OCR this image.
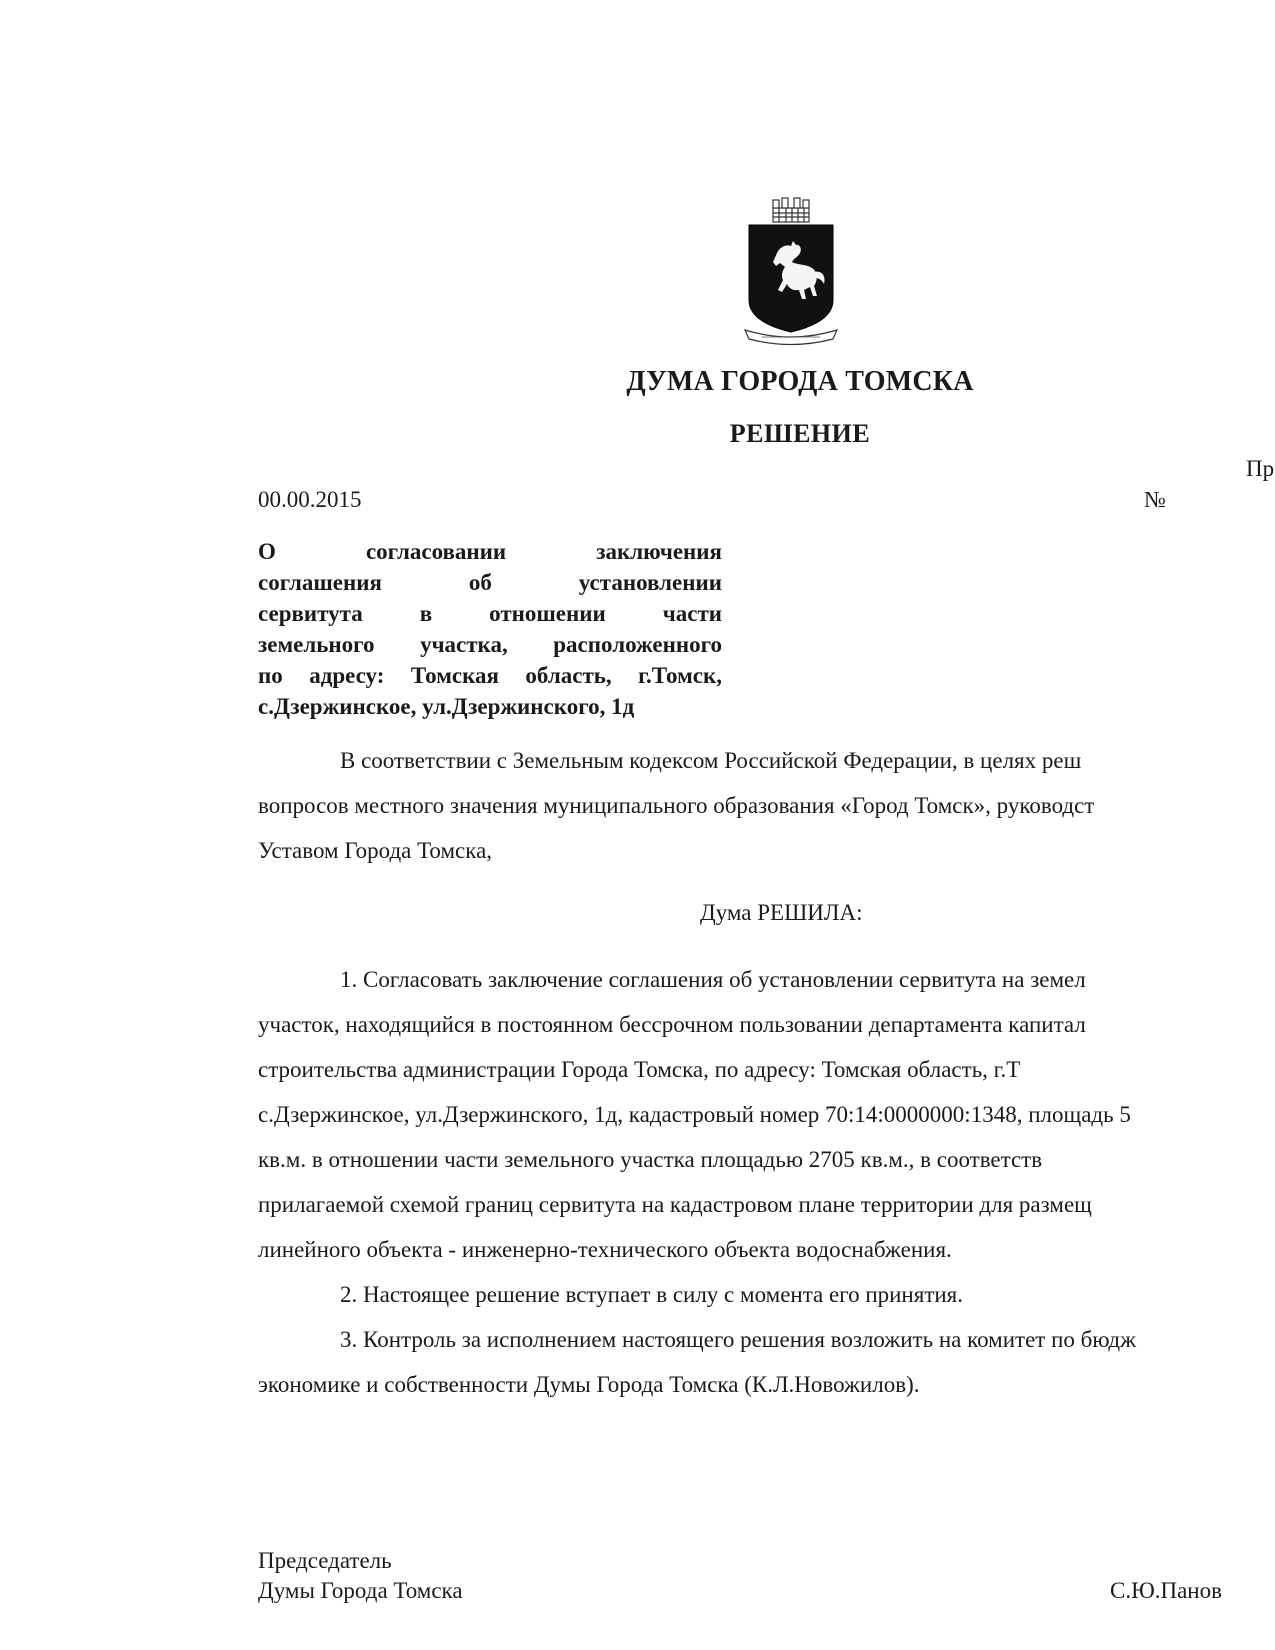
ДУМА ГОРОДА ТОМСКА
РЕШЕНИЕ
Пр
00.00.2015	№
О согласовании заключения
соглашения об установлении
сервитута в отношении части
земельного участка, расположенного
по адресу: Томская область, г.Томск,
с.Дзержинское, ул.Дзержинского, 1д
В соответствии с Земельным кодексом Российской Федерации, в целях реш
вопросов местного значения муниципального образования «Город Томск», руководст
Уставом Города Томска,
Дума РЕШИЛА:
1. Согласовать заключение соглашения об установлении сервитута на земел
участок, находящийся в постоянном бессрочном пользовании департамента капитал
строительства администрации Города Томска, по адресу: Томская область, г.Т
с.Дзержинское, ул.Дзержинского, 1д, кадастровый номер 70:14:0000000:1348, площадь 5
кв.м. в отношении части земельного участка площадью 2705 кв.м., в соответств
прилагаемой схемой границ сервитута на кадастровом плане территории для размещ
линейного объекта - инженерно-технического объекта водоснабжения.
2. Настоящее решение вступает в силу с момента его принятия.
3. Контроль за исполнением настоящего решения возложить на комитет по бюдж
экономике и собственности Думы Города Томска (К.Л.Новожилов).
Председатель
Думы Города Томска	С.Ю.Панов
